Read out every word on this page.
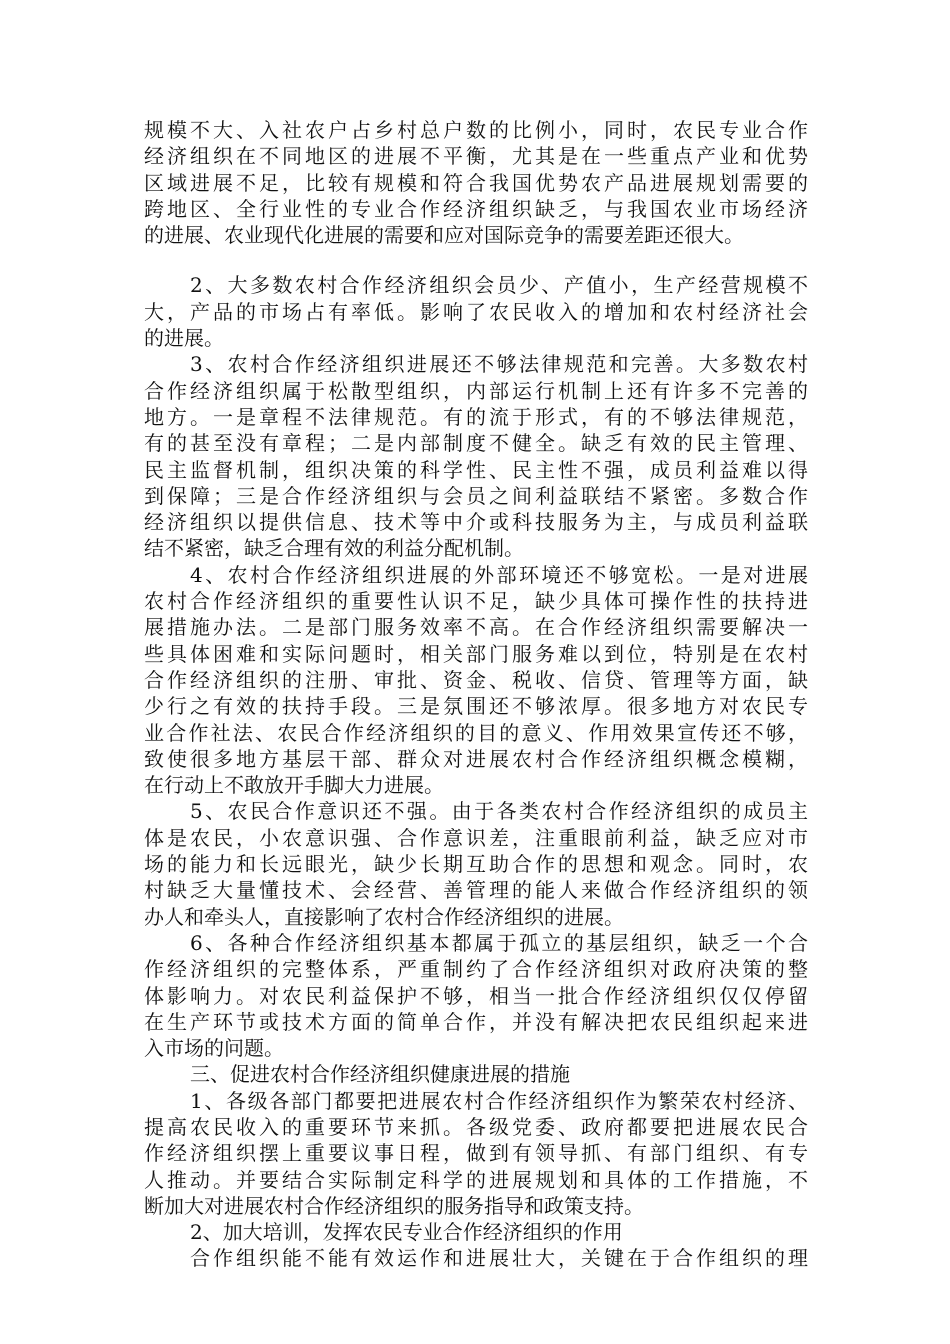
规模不大、入社农户占乡村总户数的比例小，同时，农民专业合作
经济组织在不同地区的进展不平衡，尤其是在一些重点产业和优势
区域进展不足，比较有规模和符合我国优势农产品进展规划需要的
跨地区、全行业性的专业合作经济组织缺乏，与我国农业市场经济
的进展、农业现代化进展的需要和应对国际竞争的需要差距还很大。
2、大多数农村合作经济组织会员少、产值小，生产经营规模不
大，产品的市场占有率低。影响了农民收入的增加和农村经济社会
的进展。
3、农村合作经济组织进展还不够法律规范和完善。大多数农村
合作经济组织属于松散型组织，内部运行机制上还有许多不完善的
地方。一是章程不法律规范。有的流于形式，有的不够法律规范，
有的甚至没有章程；二是内部制度不健全。缺乏有效的民主管理、
民主监督机制，组织决策的科学性、民主性不强，成员利益难以得
到保障；三是合作经济组织与会员之间利益联结不紧密。多数合作
经济组织以提供信息、技术等中介或科技服务为主，与成员利益联
结不紧密，缺乏合理有效的利益分配机制。
4、农村合作经济组织进展的外部环境还不够宽松。一是对进展
农村合作经济组织的重要性认识不足，缺少具体可操作性的扶持进
展措施办法。二是部门服务效率不高。在合作经济组织需要解决一
些具体困难和实际问题时，相关部门服务难以到位，特别是在农村
合作经济组织的注册、审批、资金、税收、信贷、管理等方面，缺
少行之有效的扶持手段。三是氛围还不够浓厚。很多地方对农民专
业合作社法、农民合作经济组织的目的意义、作用效果宣传还不够，
致使很多地方基层干部、群众对进展农村合作经济组织概念模糊，
在行动上不敢放开手脚大力进展。
5、农民合作意识还不强。由于各类农村合作经济组织的成员主
体是农民，小农意识强、合作意识差，注重眼前利益，缺乏应对市
场的能力和长远眼光，缺少长期互助合作的思想和观念。同时，农
村缺乏大量懂技术、会经营、善管理的能人来做合作经济组织的领
办人和牵头人，直接影响了农村合作经济组织的进展。
6、各种合作经济组织基本都属于孤立的基层组织，缺乏一个合
作经济组织的完整体系，严重制约了合作经济组织对政府决策的整
体影响力。对农民利益保护不够，相当一批合作经济组织仅仅停留
在生产环节或技术方面的简单合作，并没有解决把农民组织起来进
入市场的问题。
三、促进农村合作经济组织健康进展的措施
1、各级各部门都要把进展农村合作经济组织作为繁荣农村经济、
提高农民收入的重要环节来抓。各级党委、政府都要把进展农民合
作经济组织摆上重要议事日程，做到有领导抓、有部门组织、有专
人推动。并要结合实际制定科学的进展规划和具体的工作措施，不
断加大对进展农村合作经济组织的服务指导和政策支持。
2、加大培训，发挥农民专业合作经济组织的作用
合作组织能不能有效运作和进展壮大，关键在于合作组织的理
